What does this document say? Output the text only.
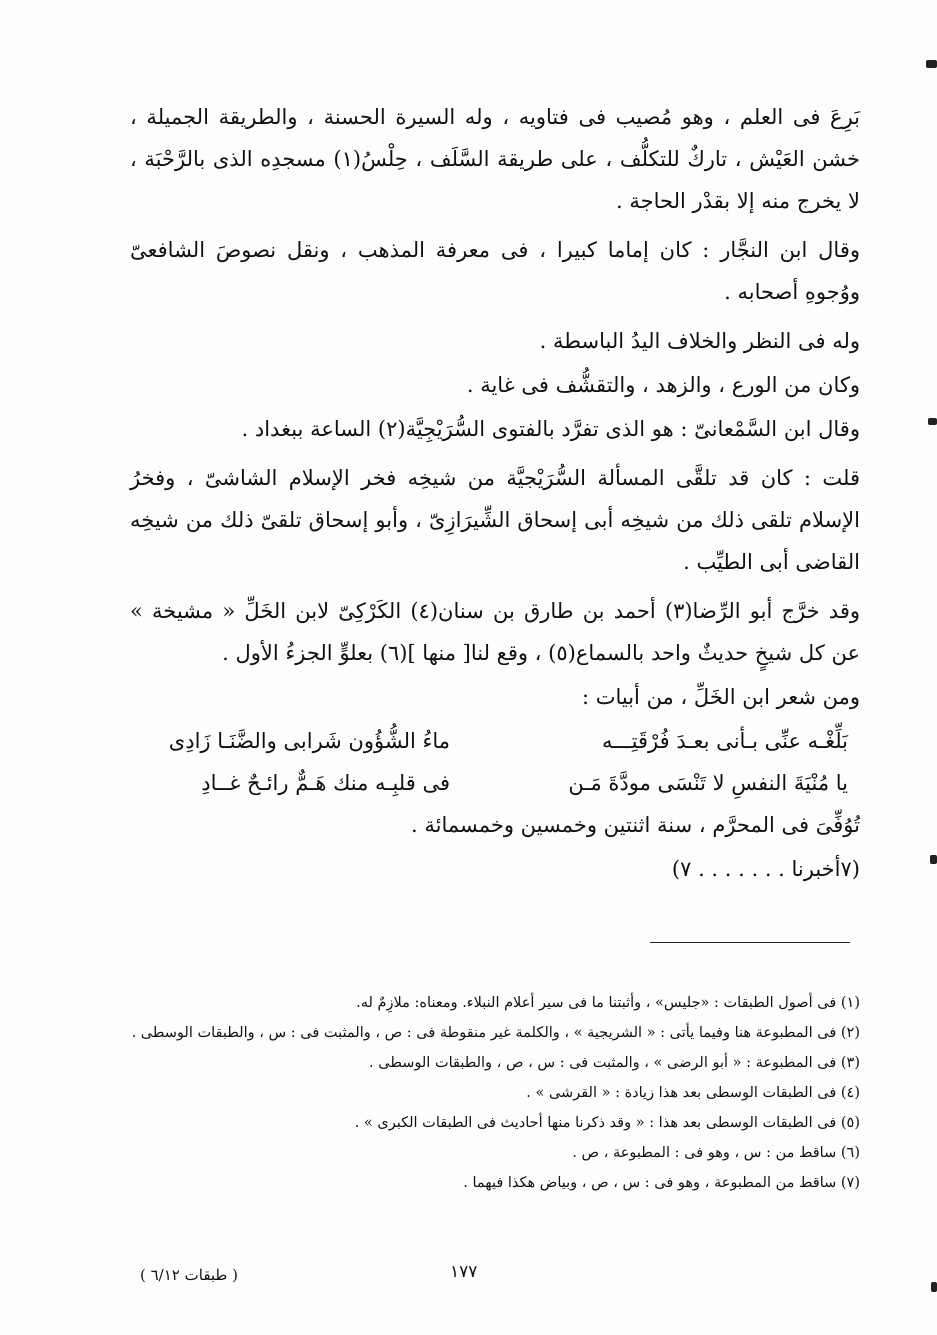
بَرِعَ فى العلم ، وهو مُصيب فى فتاويه ، وله السيرة الحسنة ، والطريقة الجميلة ، خشن العَيْش ، تاركٌ للتكلُّف ، على طريقة السَّلَف ، حِلْسُ(١) مسجدِه الذى بالرَّحْبَة ، لا يخرج منه إلا بقدْر الحاجة .

وقال ابن النجَّار : كان إماما كبيرا ، فى معرفة المذهب ، ونقل نصوصَ الشافعىّ ووُجوهِ أصحابه .

وله فى النظر والخلاف اليدُ الباسطة .

وكان من الورع ، والزهد ، والتقشُّف فى غاية .

وقال ابن السَّمْعانىّ : هو الذى تفرَّد بالفتوى السُّرَيْجِيَّة(٢) الساعة ببغداد .

قلت : كان قد تلقَّى المسألة السُّرَيْجيَّة من شيخِه فخر الإسلام الشاشىّ ، وفخرُ الإسلام تلقى ذلك من شيخِه أبى إسحاق الشِّيرَازِىّ ، وأبو إسحاق تلقىّ ذلك من شيخِه القاضى أبى الطيِّب .

وقد خرَّج أبو الرِّضا(٣) أحمد بن طارق بن سنان(٤) الكَرْكِىّ لابن الخَلِّ « مشيخة » عن كل شيخٍ حديثٌ واحد بالسماع(٥) ، وقع لنا[ منها ](٦) بعلوٍّ الجزءُ الأول .

ومن شعر ابن الخَلِّ ، من أبيات :

بَلِّغْـه عنِّى بـأنى بعـدَ فُرْقَتِـــه
ماءُ الشُّؤُون شَرابى والضَّنَـا زَادِى
يا مُنْيَةَ النفسِ لا تَنْسَى مودَّةَ مَـن
فى قلبِـه منك هَـمٌّ رائـحٌ غــادِ

تُوُفِّىَ فى المحرَّم ، سنة اثنتين وخمسين وخمسمائة .

(٧أخبرنا . . . . . . . ٧)

(١) فى أصول الطبقات : «جليس» ، وأثبتنا ما فى سير أعلام النبلاء. ومعناه: ملازِمٌ له.
(٢) فى المطبوعة هنا وفيما يأتى : « الشريجية » ، والكلمة غير منقوطة فى : ص ، والمثبت فى : س ، والطبقات الوسطى .
(٣) فى المطبوعة : « أبو الرضى » ، والمثبت فى : س ، ص ، والطبقات الوسطى .
(٤) فى الطبقات الوسطى بعد هذا زيادة : « القرشى » .
(٥) فى الطبقات الوسطى بعد هذا : « وقد ذكرنا منها أحاديث فى الطبقات الكبرى » .
(٦) ساقط من : س ، وهو فى : المطبوعة ، ص .
(٧) ساقط من المطبوعة ، وهو فى : س ، ص ، وبياض هكذا فيهما .
١٧٧
( طبقات ٦/١٢ )
